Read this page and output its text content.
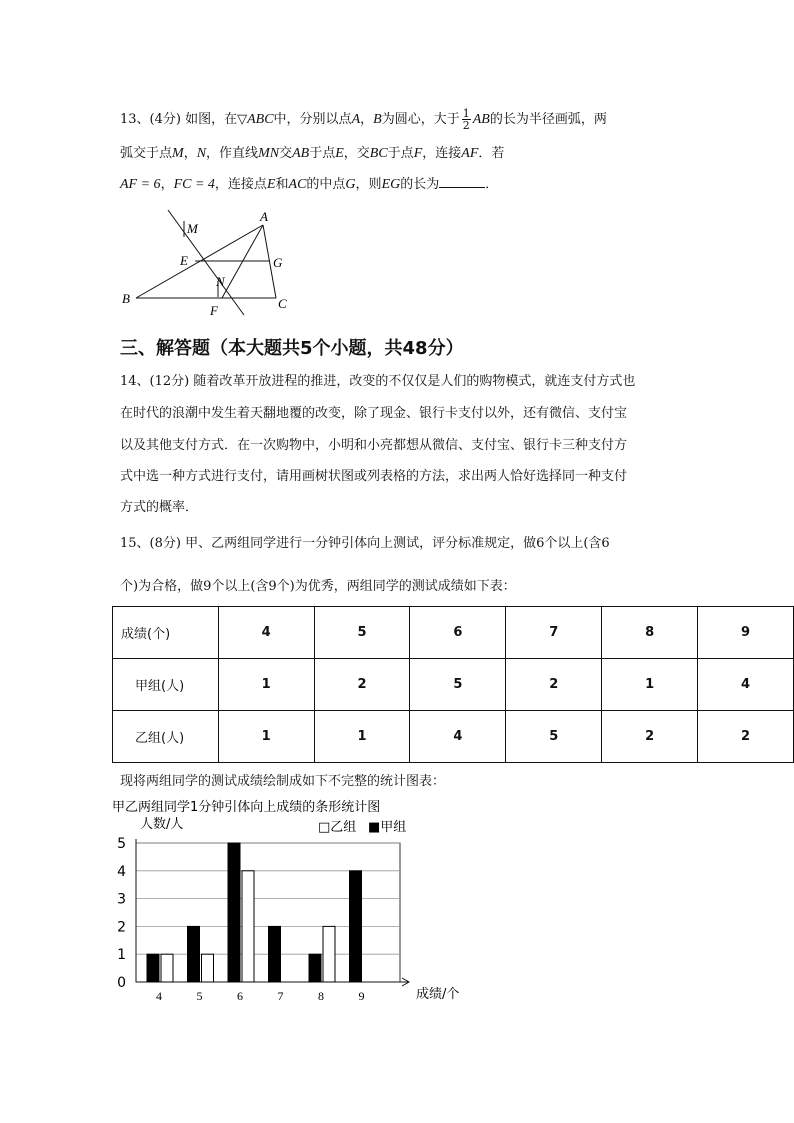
13、(4分) 如图，在▽ABC中，分别以点A，B为圆心，大于 $\frac{1}{2}$ AB的长为半径画弧，两
弧交于点M，N，作直线MN交AB于点E，交BC于点F，连接AF．若
AF = 6，FC = 4，连接点E和AC的中点G，则EG的长为	．
A
B	C
E
F
G
M
N
三、解答题（本大题共5个小题，共48分）
14、(12分) 随着改革开放进程的推进，改变的不仅仅是人们的购物模式，就连支付方式也
在时代的浪潮中发生着天翻地覆的改变，除了现金、银行卡支付以外，还有微信、支付宝
以及其他支付方式．在一次购物中，小明和小亮都想从微信、支付宝、银行卡三种支付方
式中选一种方式进行支付，请用画树状图或列表格的方法，求出两人恰好选择同一种支付
方式的概率．
15、(8分) 甲、乙两组同学进行一分钟引体向上测试，评分标准规定，做6个以上(含6
个)为合格，做9个以上(含9个)为优秀，两组同学的测试成绩如下表：
成绩(个)	4	5	6	7	8	9
甲组(人)	1	2	5	2	1	4
乙组(人)	1	1	4	5	2	2
现将两组同学的测试成绩绘制成如下不完整的统计图表：
甲乙两组同学1分钟引体向上成绩的条形统计图
人数/人	□乙组 ■甲组
0
1
2
3
4
5
成绩/个
4	5	6	7	8	9
